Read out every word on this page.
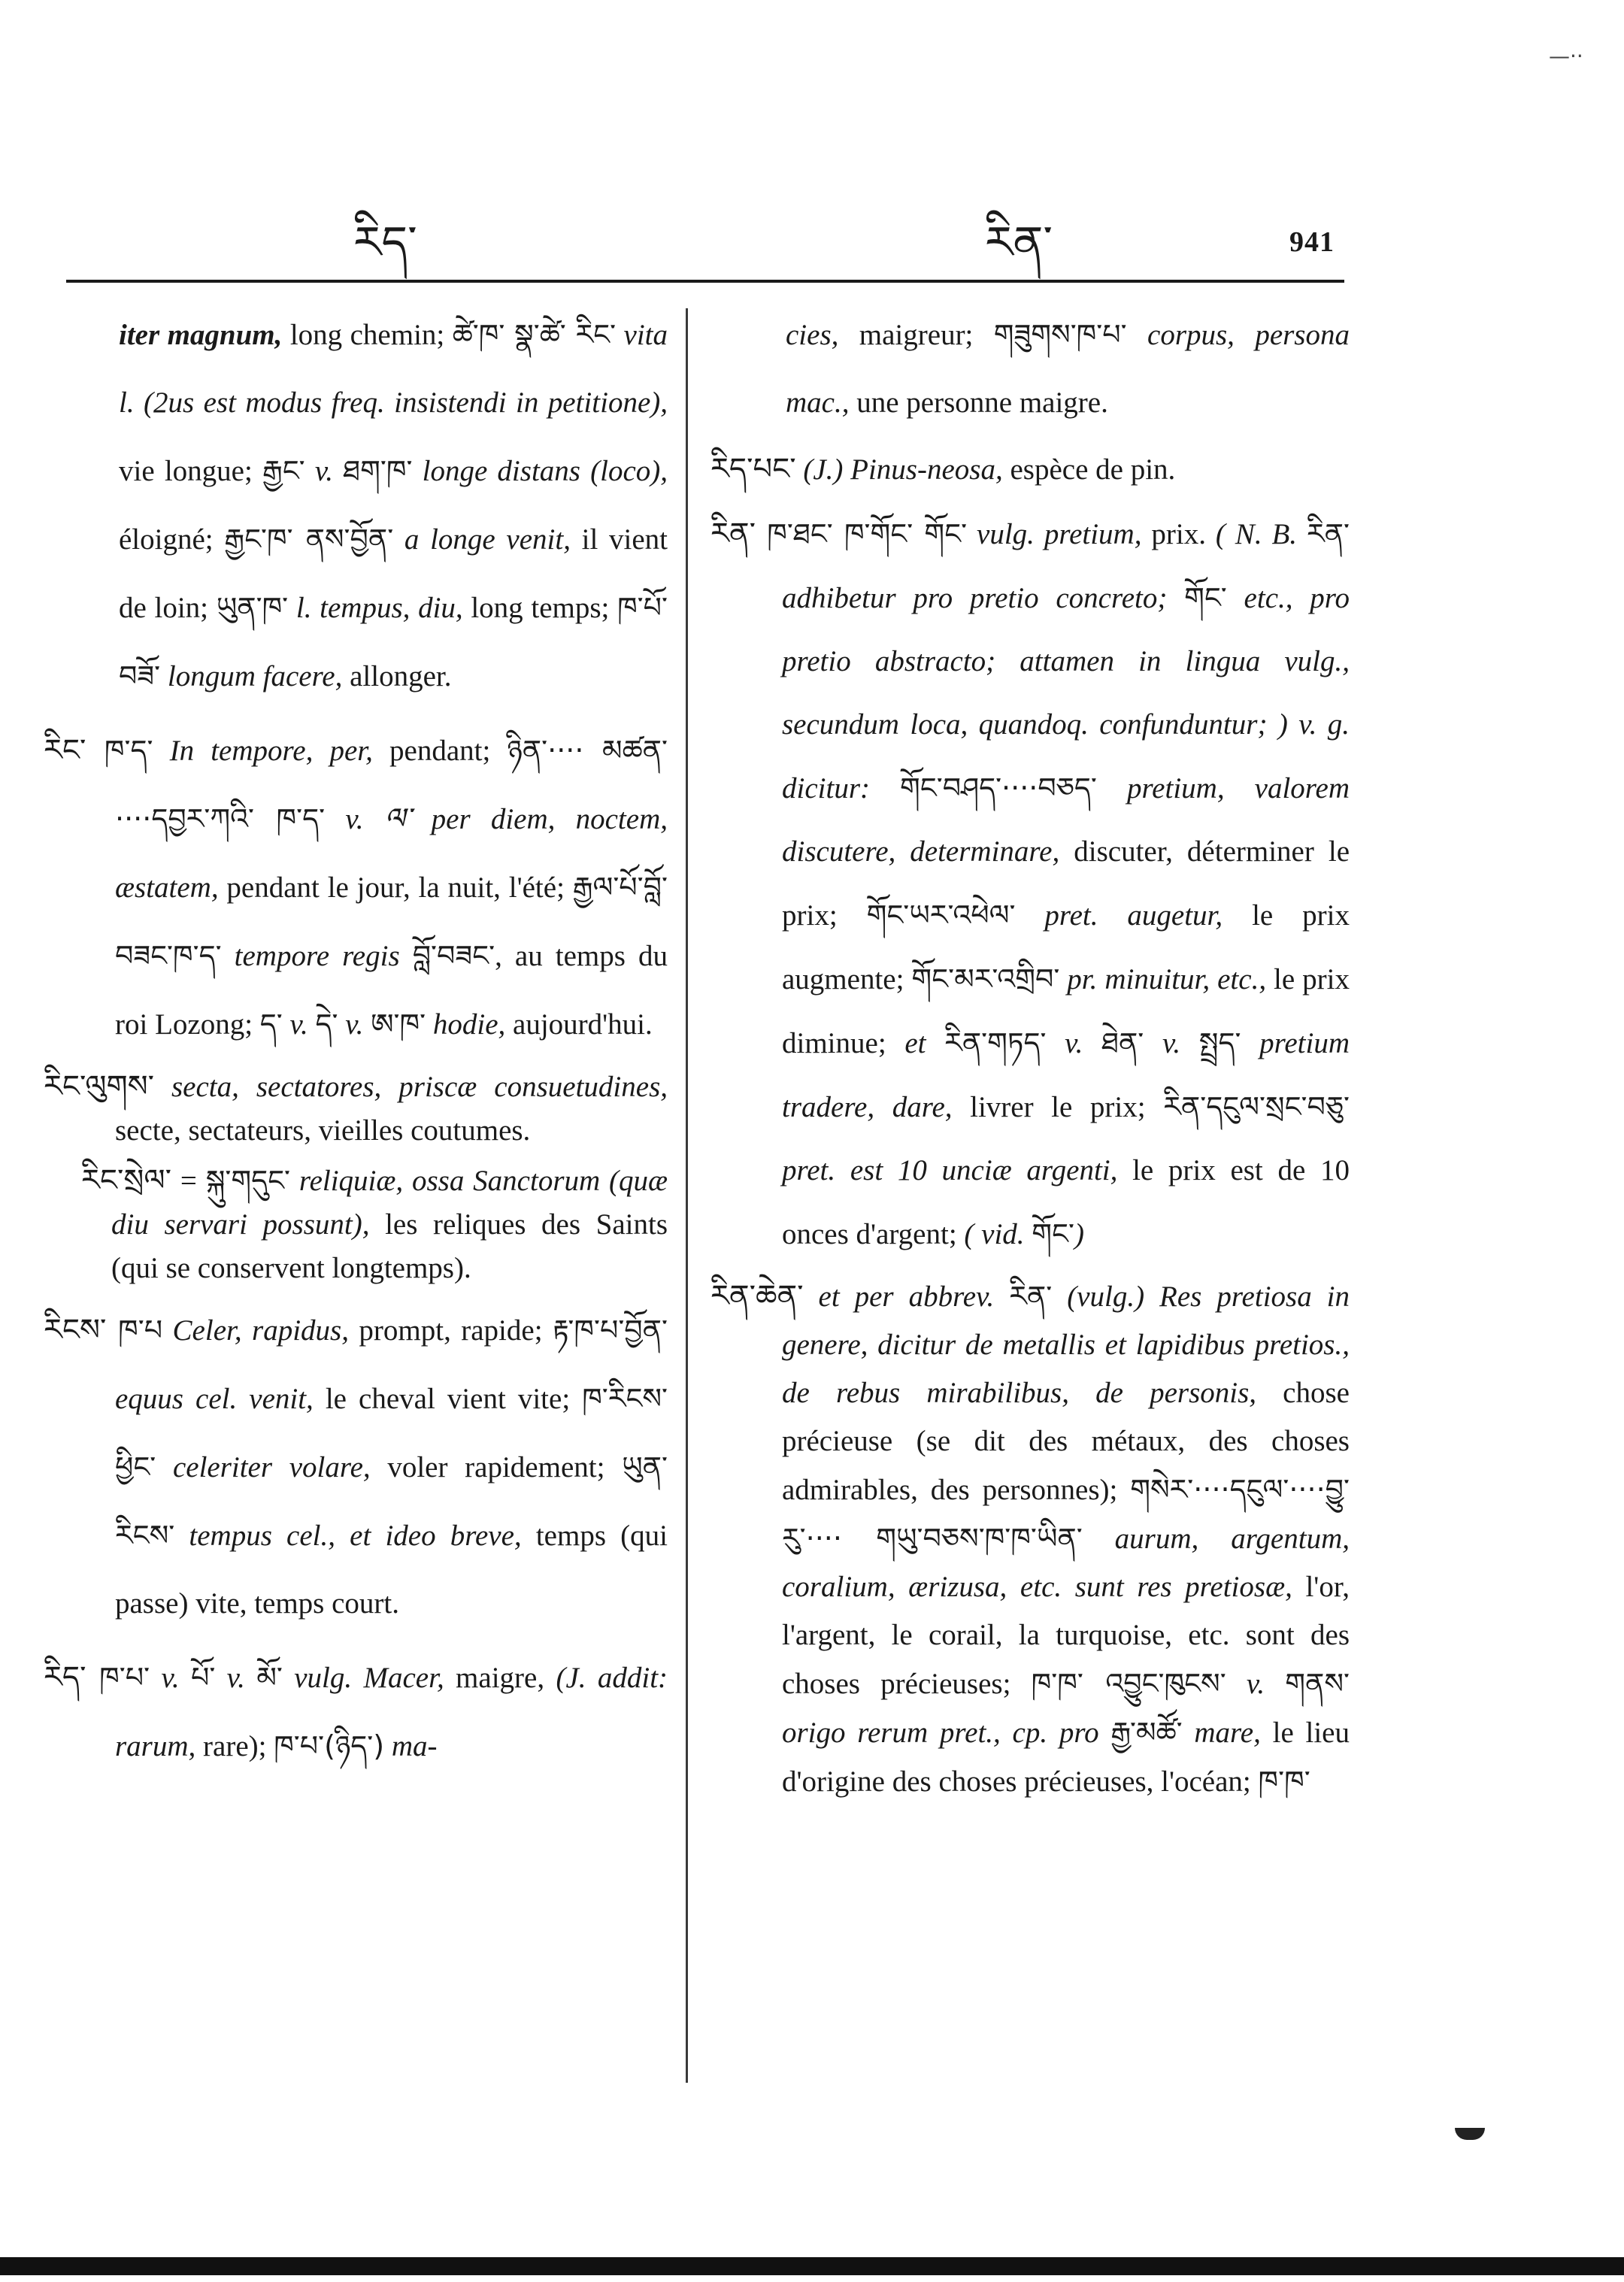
—··
རིད་	རིན་	941

iter magnum, long chemin; ཚེ་ཁ་ སྣ་ཚེ་ རིང་ vita l. (2us est modus freq. insistendi in petitione), vie longue; རྒྱང་ v. ཐག་ཁ་ longe distans (loco), éloigné; རྒྱང་ཁ་ ནས་བྱོན་ a longe venit, il vient de loin; ཡུན་ཁ་ l. tempus, diu, long temps; ཁ་པོ་ བཟོ་ longum facere, allonger.

རིང་ ཁ་ད་ In tempore, per, pendant; ཉིན་···· མཚན་····དབྱར་ཀའི་ ཁ་ད་ v. ལ་ per diem, noctem, æstatem, pendant le jour, la nuit, l'été; རྒྱལ་པོ་བློ་བཟང་ཁ་ད་ tempore regis བློ་བཟང་, au temps du roi Lozong; ད་ v. དེ་ v. ཨ་ཁ་ hodie, aujourd'hui.

རིང་ལུགས་ secta, sectatores, priscæ consuetudines, secte, sectateurs, vieilles coutumes.

རིང་སྲེལ་ = སྐུ་གདུང་ reliquiæ, ossa Sanctorum (quæ diu servari possunt), les reliques des Saints (qui se conservent longtemps).

རིངས་ ཁ་པ Celer, rapidus, prompt, rapide; རྟ་ཁ་པ་བྱོན་ equus cel. venit, le cheval vient vite; ཁ་རིངས་ཕྱིང་ celeriter volare, voler rapidement; ཡུན་རིངས་ tempus cel., et ideo breve, temps (qui passe) vite, temps court.

རིད་ ཁ་པ་ v. པོ་ v. མོ་ vulg. Macer, maigre, (J. addit: rarum, rare); ཁ་པ་(ཉིད་) ma-

cies, maigreur; གཟུགས་ཁ་པ་ corpus, persona mac., une personne maigre.

རིད་པང་ (J.) Pinus-neosa, espèce de pin.

རིན་ ཁ་ཐང་ ཁ་གོང་ གོང་ vulg. pretium, prix. ( N. B. རིན་ adhibetur pro pretio concreto; གོང་ etc., pro pretio abstracto; attamen in lingua vulg., secundum loca, quandoq. confunduntur; ) v. g. dicitur: གོང་བཤད་····བཅད་ pretium, valorem discutere, determinare, discuter, déterminer le prix; གོང་ཡར་འཕེལ་ pret. augetur, le prix augmente; གོང་མར་འགྲིབ་ pr. minuitur, etc., le prix diminue; et རིན་གཏད་ v. ཐེན་ v. སྤྲད་ pretium tradere, dare, livrer le prix; རིན་དངུལ་སྲང་བཅུ་ pret. est 10 unciæ argenti, le prix est de 10 onces d'argent; ( vid. གོང་)

རིན་ཆེན་ et per abbrev. རིན་ (vulg.) Res pretiosa in genere, dicitur de metallis et lapidibus pretios., de rebus mirabilibus, de personis, chose précieuse (se dit des métaux, des choses admirables, des personnes); གསེར་····དངུལ་····བྱུ་རུ་···· གཡུ་བཅས་ཁ་ཁ་ཡིན་ aurum, argentum, coralium, ærizusa, etc. sunt res pretiosæ, l'or, l'argent, le corail, la turquoise, etc. sont des choses précieuses; ཁ་ཁ་ འབྱུང་ཁུངས་ v. གནས་ origo rerum pret., cp. pro རྒྱ་མཚོ་ mare, le lieu d'origine des choses précieuses, l'océan; ཁ་ཁ་
